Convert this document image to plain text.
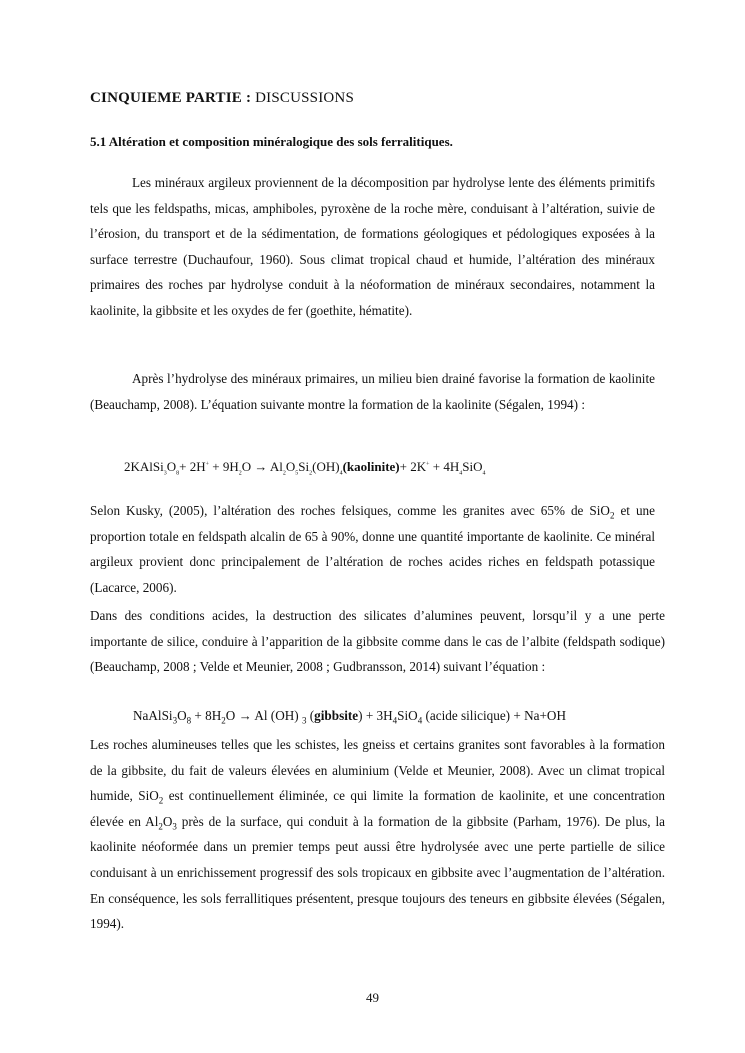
CINQUIEME PARTIE : DISCUSSIONS
5.1 Altération et composition minéralogique des sols ferralitiques.

Les minéraux argileux proviennent de la décomposition par hydrolyse lente des éléments primitifs tels que les feldspaths, micas, amphiboles, pyroxène de la roche mère, conduisant à l’altération, suivie de l’érosion, du transport et de la sédimentation, de formations géologiques et pédologiques exposées à la surface terrestre (Duchaufour, 1960). Sous climat tropical chaud et humide, l’altération des minéraux primaires des roches par hydrolyse conduit à la néoformation de minéraux secondaires, notamment la kaolinite, la gibbsite et les oxydes de fer (goethite, hématite).

Après l’hydrolyse des minéraux primaires, un milieu bien drainé favorise la formation de kaolinite (Beauchamp, 2008). L’équation suivante montre la formation de la kaolinite (Ségalen, 1994) :

$2KAlSi_3O_8+ 2H^+ + 9H_2O$ → $Al_2O_5Si_2(OH)_4(kaolinite)+ 2K^+ + 4H_4SiO_4$

Selon Kusky, (2005), l’altération des roches felsiques, comme les granites avec 65% de SiO$_2$ et une proportion totale en feldspath alcalin de 65 à 90%, donne une quantité importante de kaolinite. Ce minéral argileux provient donc principalement de l’altération de roches acides riches en feldspath potassique (Lacarce, 2006).

Dans des conditions acides, la destruction des silicates d’alumines peuvent, lorsqu’il y a une perte importante de silice, conduire à l’apparition de la gibbsite comme dans le cas de l’albite (feldspath sodique) (Beauchamp, 2008 ; Velde et Meunier, 2008 ; Gudbransson, 2014) suivant l’équation :

$NaAlSi_3O_8 + 8H_2O \to Al$ (OH) $_3$ (gibbsite) + $3H_4SiO_4$ (acide silicique) + Na+OH

Les roches alumineuses telles que les schistes, les gneiss et certains granites sont favorables à la formation de la gibbsite, du fait de valeurs élevées en aluminium (Velde et Meunier, 2008). Avec un climat tropical humide, SiO$_2$ est continuellement éliminée, ce qui limite la formation de kaolinite, et une concentration élevée en $Al_2O_3$ près de la surface, qui conduit à la formation de la gibbsite (Parham, 1976). De plus, la kaolinite néoformée dans un premier temps peut aussi être hydrolysée avec une perte partielle de silice conduisant à un enrichissement progressif des sols tropicaux en gibbsite avec l’augmentation de l’altération. En conséquence, les sols ferrallitiques présentent, presque toujours des teneurs en gibbsite élevées (Ségalen, 1994).

49
